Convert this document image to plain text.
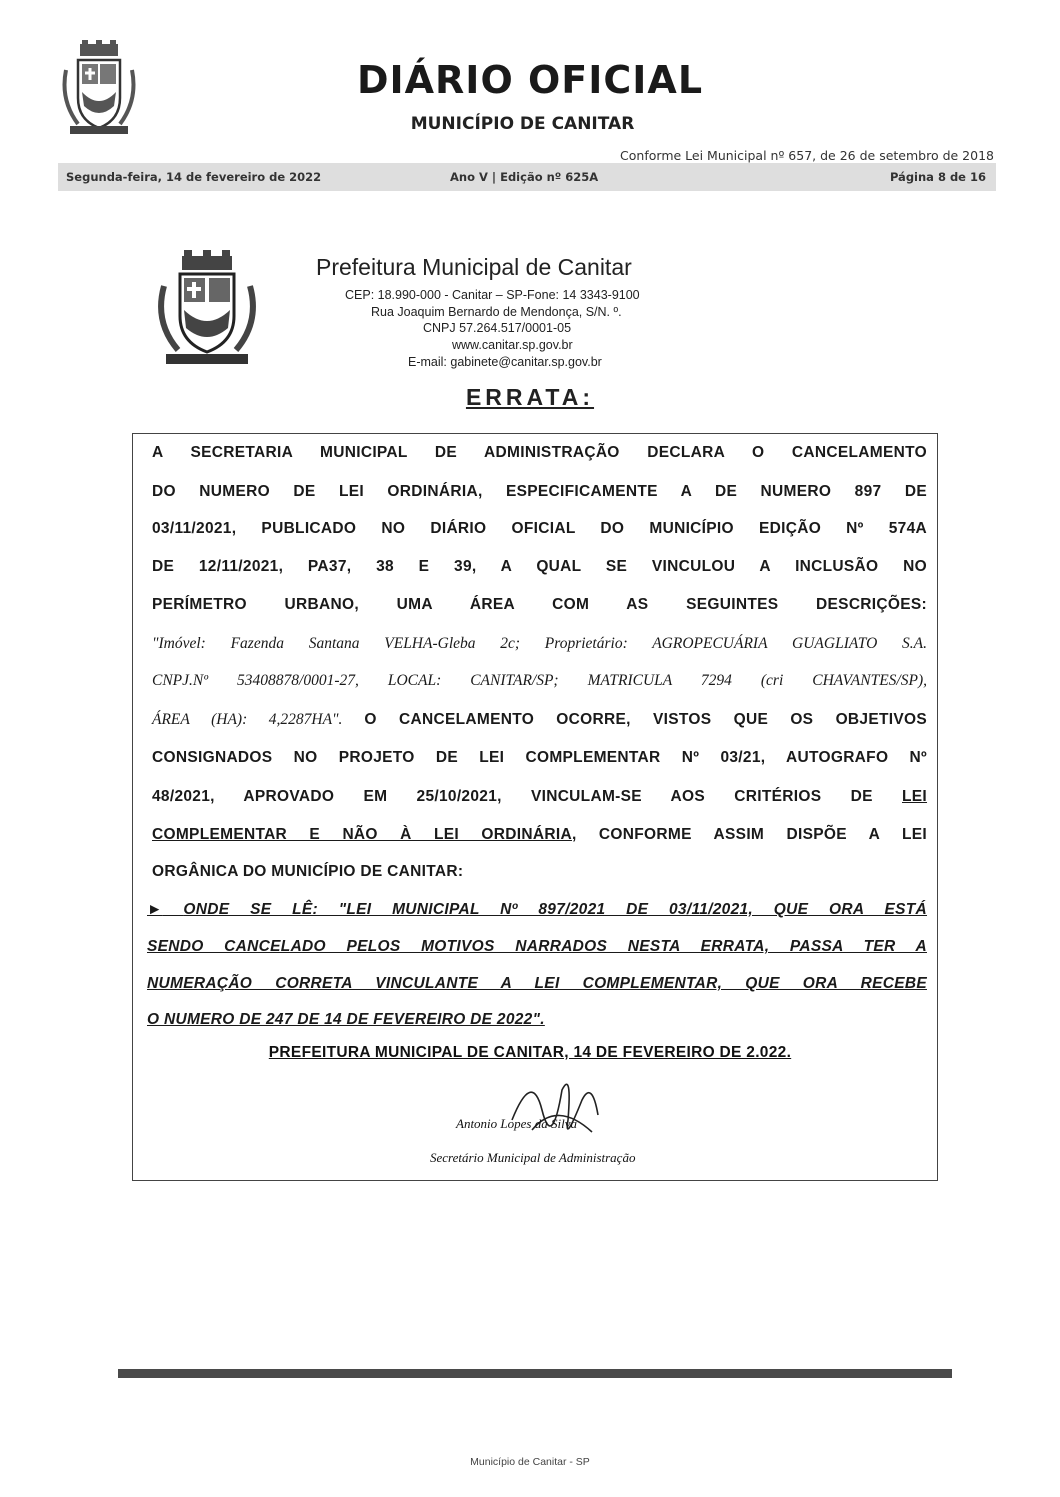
DIÁRIO OFICIAL
MUNICÍPIO DE CANITAR
Conforme Lei Municipal nº 657, de 26 de setembro de 2018
Segunda-feira, 14 de fevereiro de 2022	Ano V | Edição nº 625A	Página 8 de 16
Prefeitura Municipal de Canitar
CEP: 18.990-000 - Canitar – SP-Fone: 14 3343-9100
Rua Joaquim Bernardo de Mendonça, S/N. º.
CNPJ 57.264.517/0001-05
www.canitar.sp.gov.br
E-mail: gabinete@canitar.sp.gov.br
ERRATA:
A SECRETARIA MUNICIPAL DE ADMINISTRAÇÃO DECLARA O CANCELAMENTO
DO NUMERO DE LEI ORDINÁRIA, ESPECIFICAMENTE A DE NUMERO 897 DE
03/11/2021, PUBLICADO NO DIÁRIO OFICIAL DO MUNICÍPIO EDIÇÃO Nº 574A
DE 12/11/2021, PA37, 38 E 39, A QUAL SE VINCULOU A INCLUSÃO NO
PERÍMETRO URBANO, UMA ÁREA COM AS SEGUINTES DESCRIÇÕES:
"Imóvel: Fazenda Santana VELHA-Gleba 2c; Proprietário: AGROPECUÁRIA GUAGLIATO S.A.
CNPJ.Nº 53408878/0001-27, LOCAL: CANITAR/SP; MATRICULA 7294 (cri CHAVANTES/SP),
ÁREA (HA): 4,2287HA". O CANCELAMENTO OCORRE, VISTOS QUE OS OBJETIVOS
CONSIGNADOS NO PROJETO DE LEI COMPLEMENTAR Nº 03/21, AUTOGRAFO Nº
48/2021, APROVADO EM 25/10/2021, VINCULAM-SE AOS CRITÉRIOS DE LEI
COMPLEMENTAR E NÃO À LEI ORDINÁRIA, CONFORME ASSIM DISPÕE A LEI
ORGÂNICA DO MUNICÍPIO DE CANITAR:
► ONDE SE LÊ: "LEI MUNICIPAL Nº 897/2021 DE 03/11/2021, QUE ORA ESTÁ
SENDO CANCELADO PELOS MOTIVOS NARRADOS NESTA ERRATA, PASSA TER A
NUMERAÇÃO CORRETA VINCULANTE A LEI COMPLEMENTAR, QUE ORA RECEBE
O NUMERO DE 247 DE 14 DE FEVEREIRO DE 2022".
PREFEITURA MUNICIPAL DE CANITAR, 14 DE FEVEREIRO DE 2.022.
Antonio Lopes da Silva
Secretário Municipal de Administração
Município de Canitar - SP
